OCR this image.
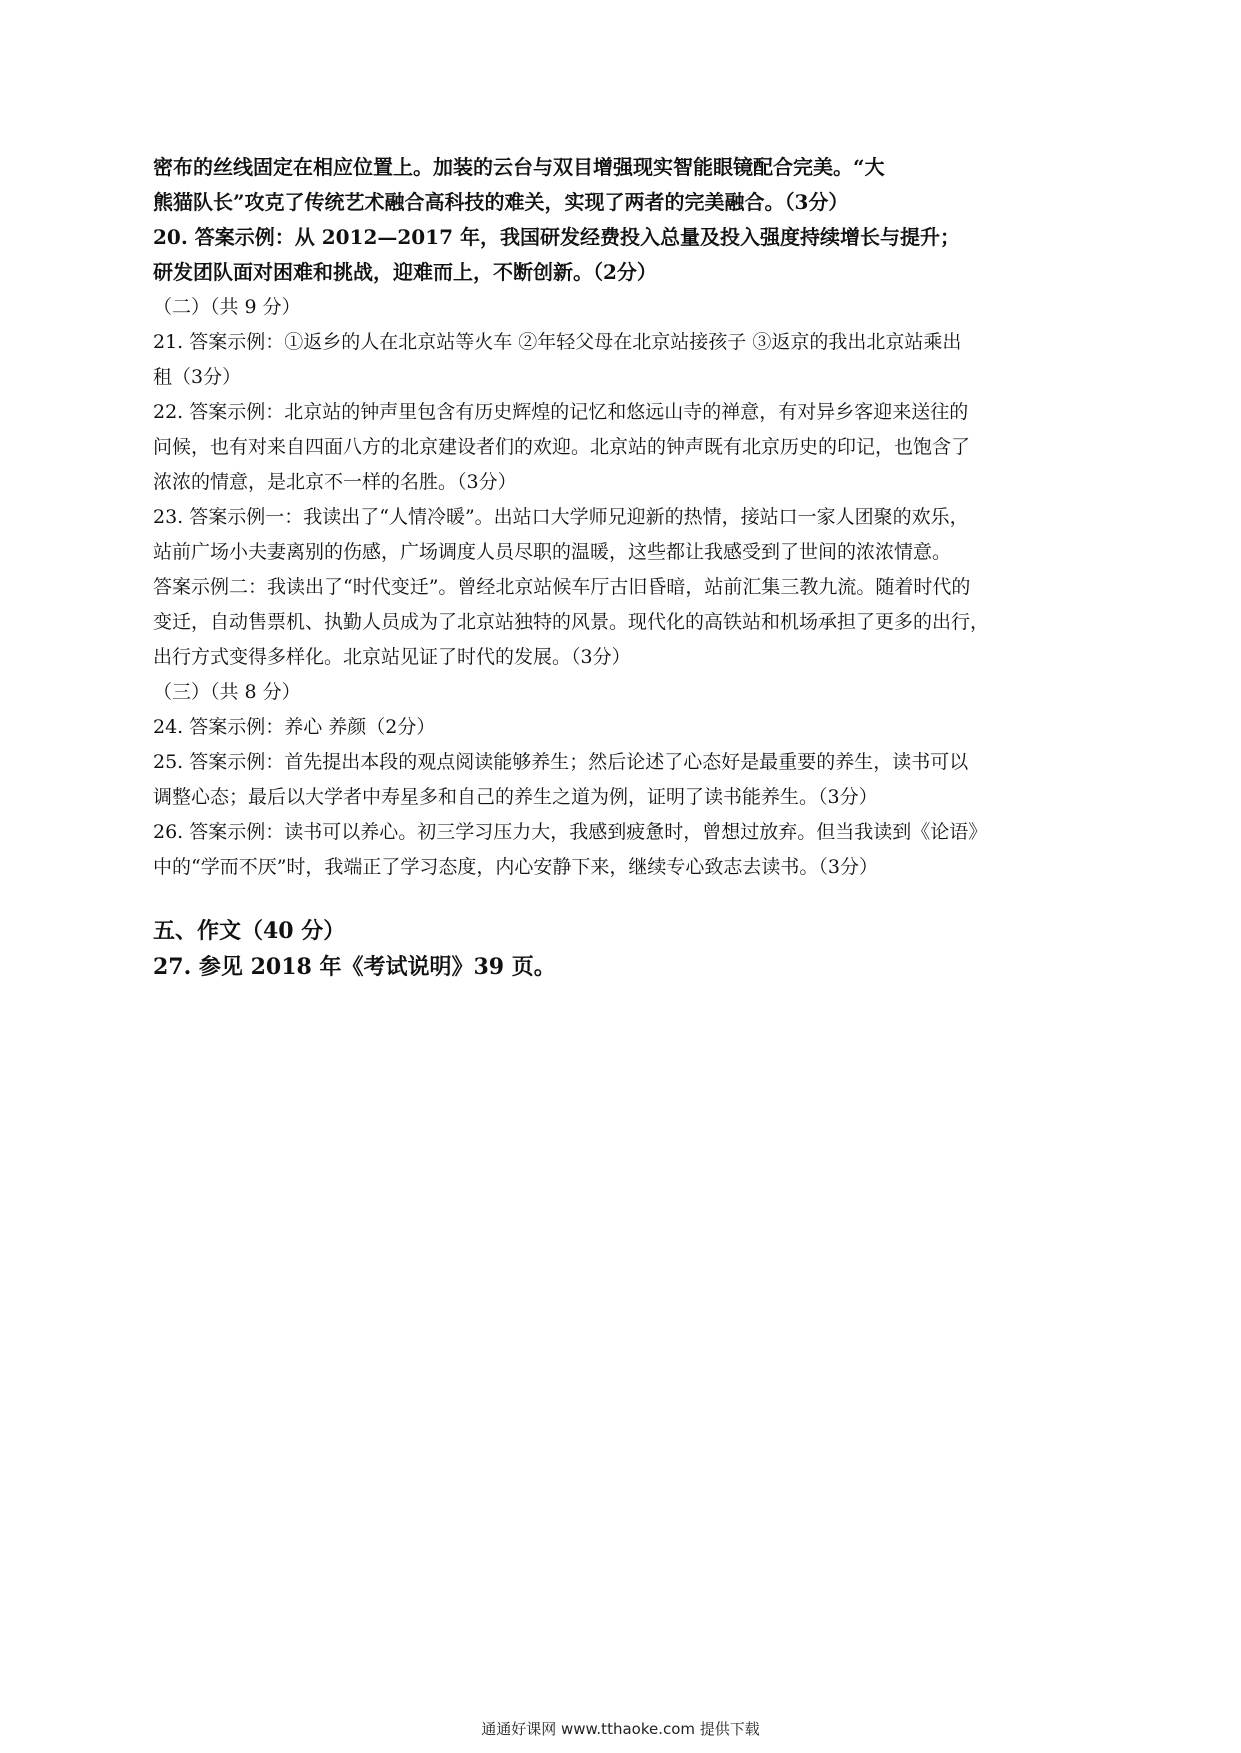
密布的丝线固定在相应位置上。加装的云台与双目增强现实智能眼镜配合完美。“大
熊猫队长”攻克了传统艺术融合高科技的难关，实现了两者的完美融合。（3分）
20. 答案示例：从 2012—2017 年，我国研发经费投入总量及投入强度持续增长与提升；
研发团队面对困难和挑战，迎难而上，不断创新。（2分）
（二）（共 9 分）
21. 答案示例：①返乡的人在北京站等火车 ②年轻父母在北京站接孩子 ③返京的我出北京站乘出
租（3分）
22. 答案示例：北京站的钟声里包含有历史辉煌的记忆和悠远山寺的禅意，有对异乡客迎来送往的
问候，也有对来自四面八方的北京建设者们的欢迎。北京站的钟声既有北京历史的印记，也饱含了
浓浓的情意，是北京不一样的名胜。（3分）
23. 答案示例一：我读出了“人情冷暖”。出站口大学师兄迎新的热情，接站口一家人团聚的欢乐，
站前广场小夫妻离别的伤感，广场调度人员尽职的温暖，这些都让我感受到了世间的浓浓情意。
答案示例二：我读出了“时代变迁”。曾经北京站候车厅古旧昏暗，站前汇集三教九流。随着时代的
变迁，自动售票机、执勤人员成为了北京站独特的风景。现代化的高铁站和机场承担了更多的出行，
出行方式变得多样化。北京站见证了时代的发展。（3分）
（三）（共 8 分）
24. 答案示例：养心 养颜（2分）
25. 答案示例：首先提出本段的观点阅读能够养生；然后论述了心态好是最重要的养生，读书可以
调整心态；最后以大学者中寿星多和自己的养生之道为例，证明了读书能养生。（3分）
26. 答案示例：读书可以养心。初三学习压力大，我感到疲惫时，曾想过放弃。但当我读到《论语》
中的“学而不厌”时，我端正了学习态度，内心安静下来，继续专心致志去读书。（3分）
五、作文（40 分）
27. 参见 2018 年《考试说明》39 页。
通通好课网 www.tthaoke.com 提供下载
